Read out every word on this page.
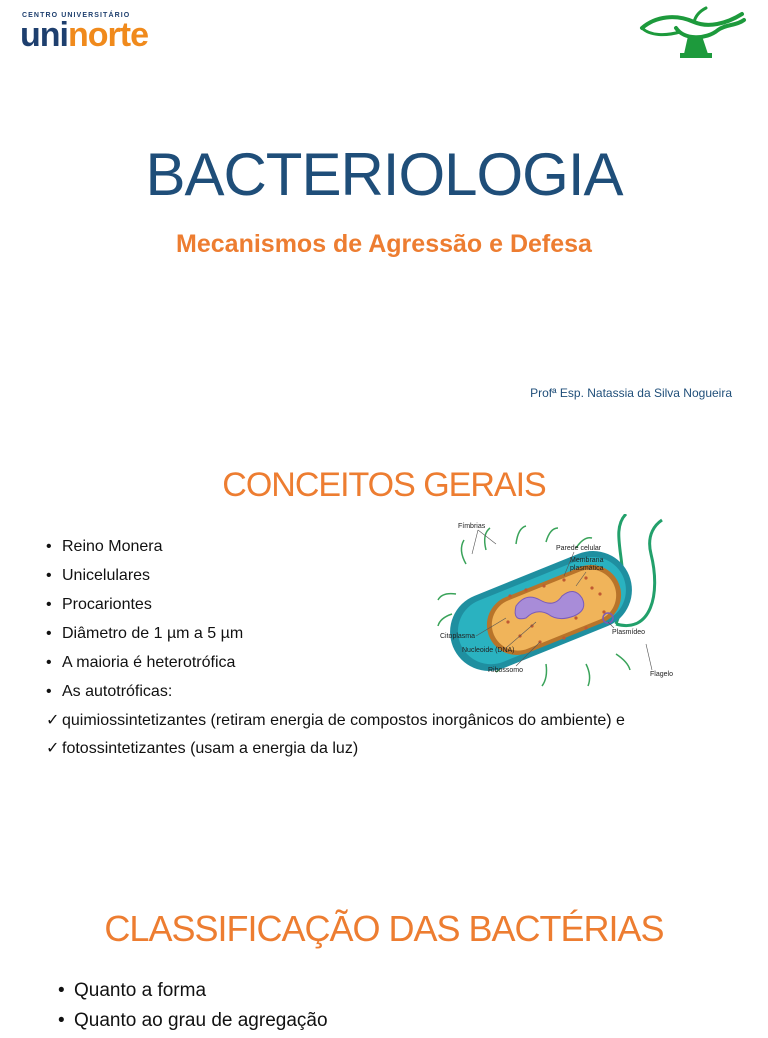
CENTRO UNIVERSITÁRIO
uninorte
BACTERIOLOGIA
Mecanismos de Agressão e Defesa
Profª Esp. Natassia da Silva Nogueira
CONCEITOS GERAIS
• Reino Monera
• Unicelulares
• Procariontes
• Diâmetro de 1 µm a 5 µm
• A maioria é heterotrófica
• As autotróficas:
✓ quimiossintetizantes (retiram energia de compostos inorgânicos do ambiente) e
✓ fotossintetizantes (usam a energia da luz)
Fímbrias
Parede celular
Membrana
plasmática
Citoplasma
Nucleoide (DNA)
Plasmídeo
Ribossomo
Flagelo
CLASSIFICAÇÃO DAS BACTÉRIAS
• Quanto a forma
• Quanto ao grau de agregação
